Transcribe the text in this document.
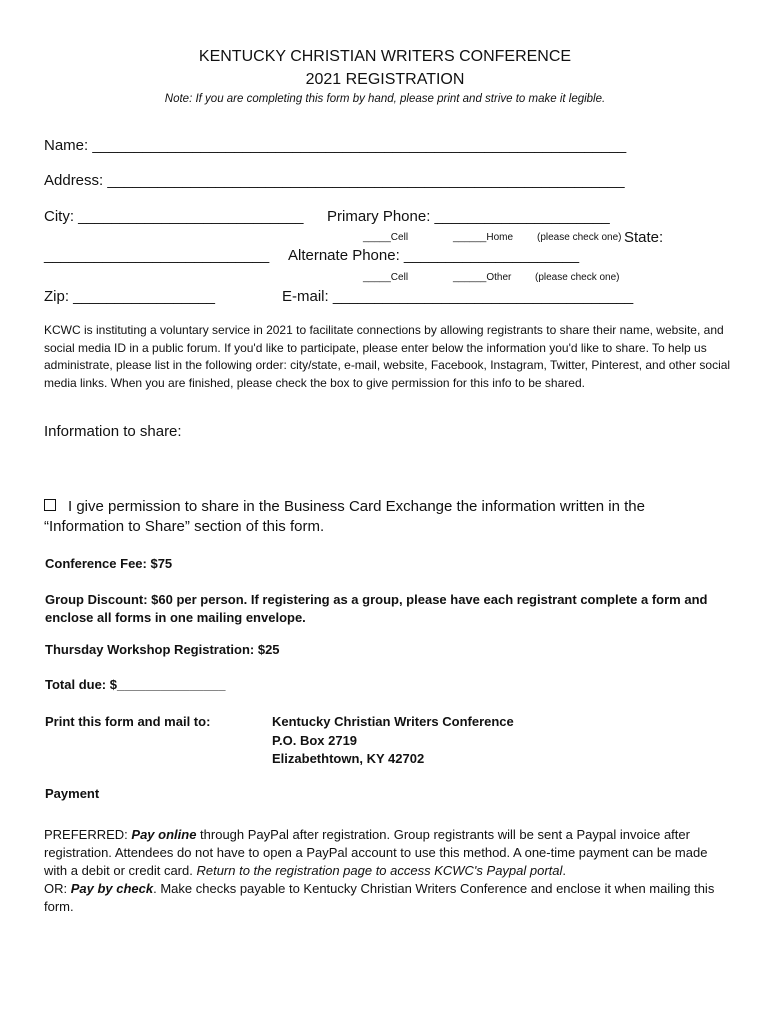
KENTUCKY CHRISTIAN WRITERS CONFERENCE
2021 REGISTRATION
Note: If you are completing this form by hand, please print and strive to make it legible.
Name: ________________________________________________________________
Address: ______________________________________________________________
City: ___________________________ Primary Phone: _____________________
_____Cell	______Home (please check one) State:
___________________________ Alternate Phone: _____________________
_____Cell	______Other (please check one)
Zip: _________________	E-mail: ____________________________________
KCWC is instituting a voluntary service in 2021 to facilitate connections by allowing registrants to share their name, website, and social media ID in a public forum. If you'd like to participate, please enter below the information you'd like to share. To help us administrate, please list in the following order: city/state, e-mail, website, Facebook, Instagram, Twitter, Pinterest, and other social media links. When you are finished, please check the box to give permission for this info to be shared.
Information to share:
I give permission to share in the Business Card Exchange the information written in the
“Information to Share” section of this form.
Conference Fee: $75
Group Discount: $60 per person. If registering as a group, please have each registrant complete a form and enclose all forms in one mailing envelope.
Thursday Workshop Registration: $25
Total due: $_______________
Print this form and mail to:	Kentucky Christian Writers Conference
P.O. Box 2719
Elizabethtown, KY 42702
Payment
PREFERRED: Pay online through PayPal after registration. Group registrants will be sent a Paypal invoice after registration. Attendees do not have to open a PayPal account to use this method. A one-time payment can be made with a debit or credit card. Return to the registration page to access KCWC's Paypal portal.
OR: Pay by check. Make checks payable to Kentucky Christian Writers Conference and enclose it when mailing this form.
